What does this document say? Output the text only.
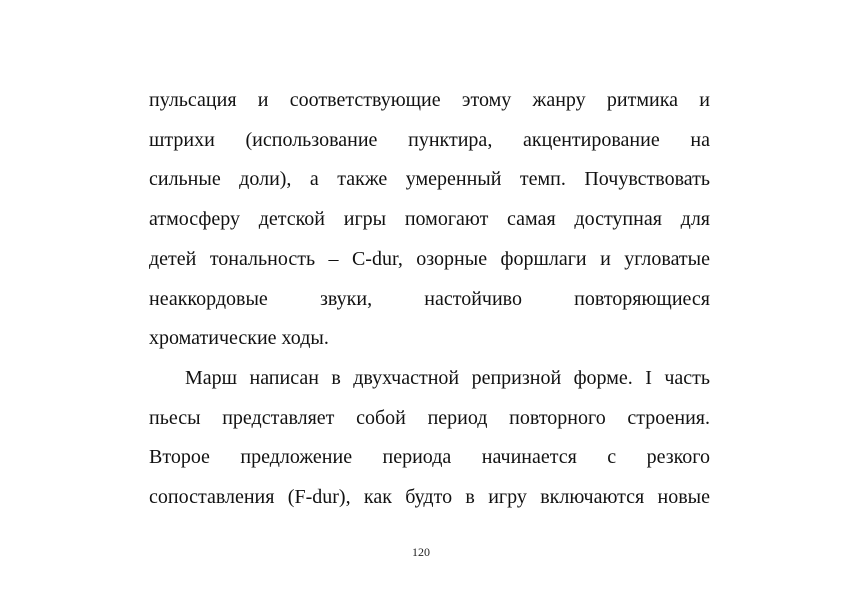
пульсация и соответствующие этому жанру ритмика и
штрихи (использование пунктира, акцентирование на
сильные доли), а также умеренный темп. Почувствовать
атмосферу детской игры помогают самая доступная для
детей тональность – C-dur, озорные форшлаги и угловатые
неаккордовые звуки, настойчиво повторяющиеся
хроматические ходы.
Марш написан в двухчастной репризной форме. I часть
пьесы представляет собой период повторного строения.
Второе предложение периода начинается с резкого
сопоставления (F-dur), как будто в игру включаются новые
120
